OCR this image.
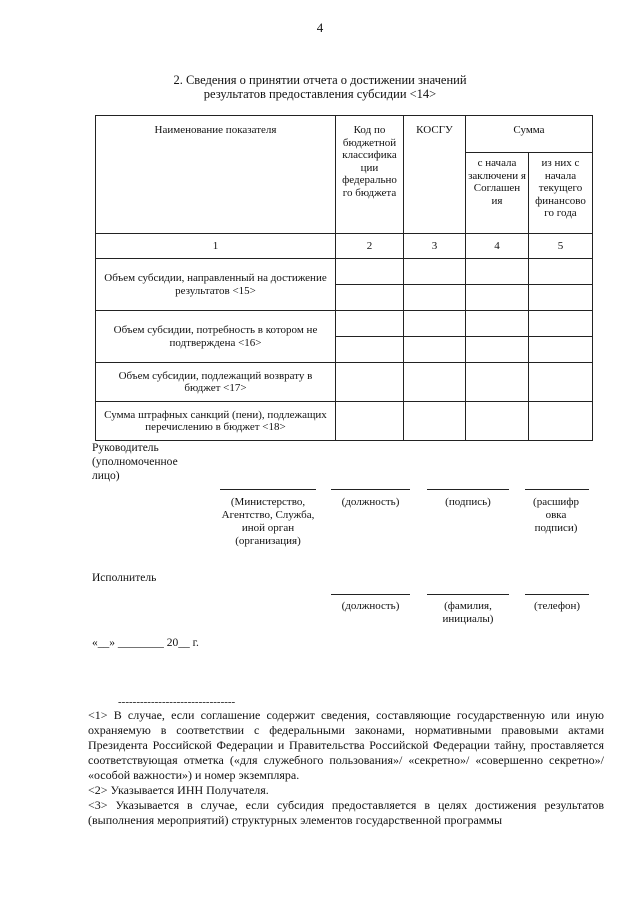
4
2. Сведения о принятии отчета о достижении значений
результатов предоставления субсидии <14>
Наименование показателя	Код по бюджетной классифика ции федерально го бюджета	КОСГУ	Сумма	
			с начала заключени я Соглашен ия	из них с начала текущего финансово го года
1	2	3	4	5
Объем субсидии, направленный на достижение результатов <15>				

Объем субсидии, потребность в котором не подтверждена <16>				

Объем субсидии, подлежащий возврату в бюджет <17>				
Сумма штрафных санкций (пени), подлежащих перечислению в бюджет <18>				
Руководитель (уполномоченное лицо)
(Министерство, Агентство, Служба, иной орган (организация)
(должность)	(подпись)	(расшифр овка подписи)
Исполнитель
(должность)	(фамилия, инициалы)
(телефон)
«__» ________ 20__ г.
--------------------------------

<1> В случае, если соглашение содержит сведения, составляющие государственную или иную охраняемую в соответствии с федеральными законами, нормативными правовыми актами Президента Российской Федерации и Правительства Российской Федерации тайну, проставляется соответствующая отметка («для служебного пользования»/ «секретно»/ «совершенно секретно»/ «особой важности») и номер экземпляра.

<2> Указывается ИНН Получателя.

<3> Указывается в случае, если субсидия предоставляется в целях достижения результатов (выполнения мероприятий) структурных элементов государственной программы
